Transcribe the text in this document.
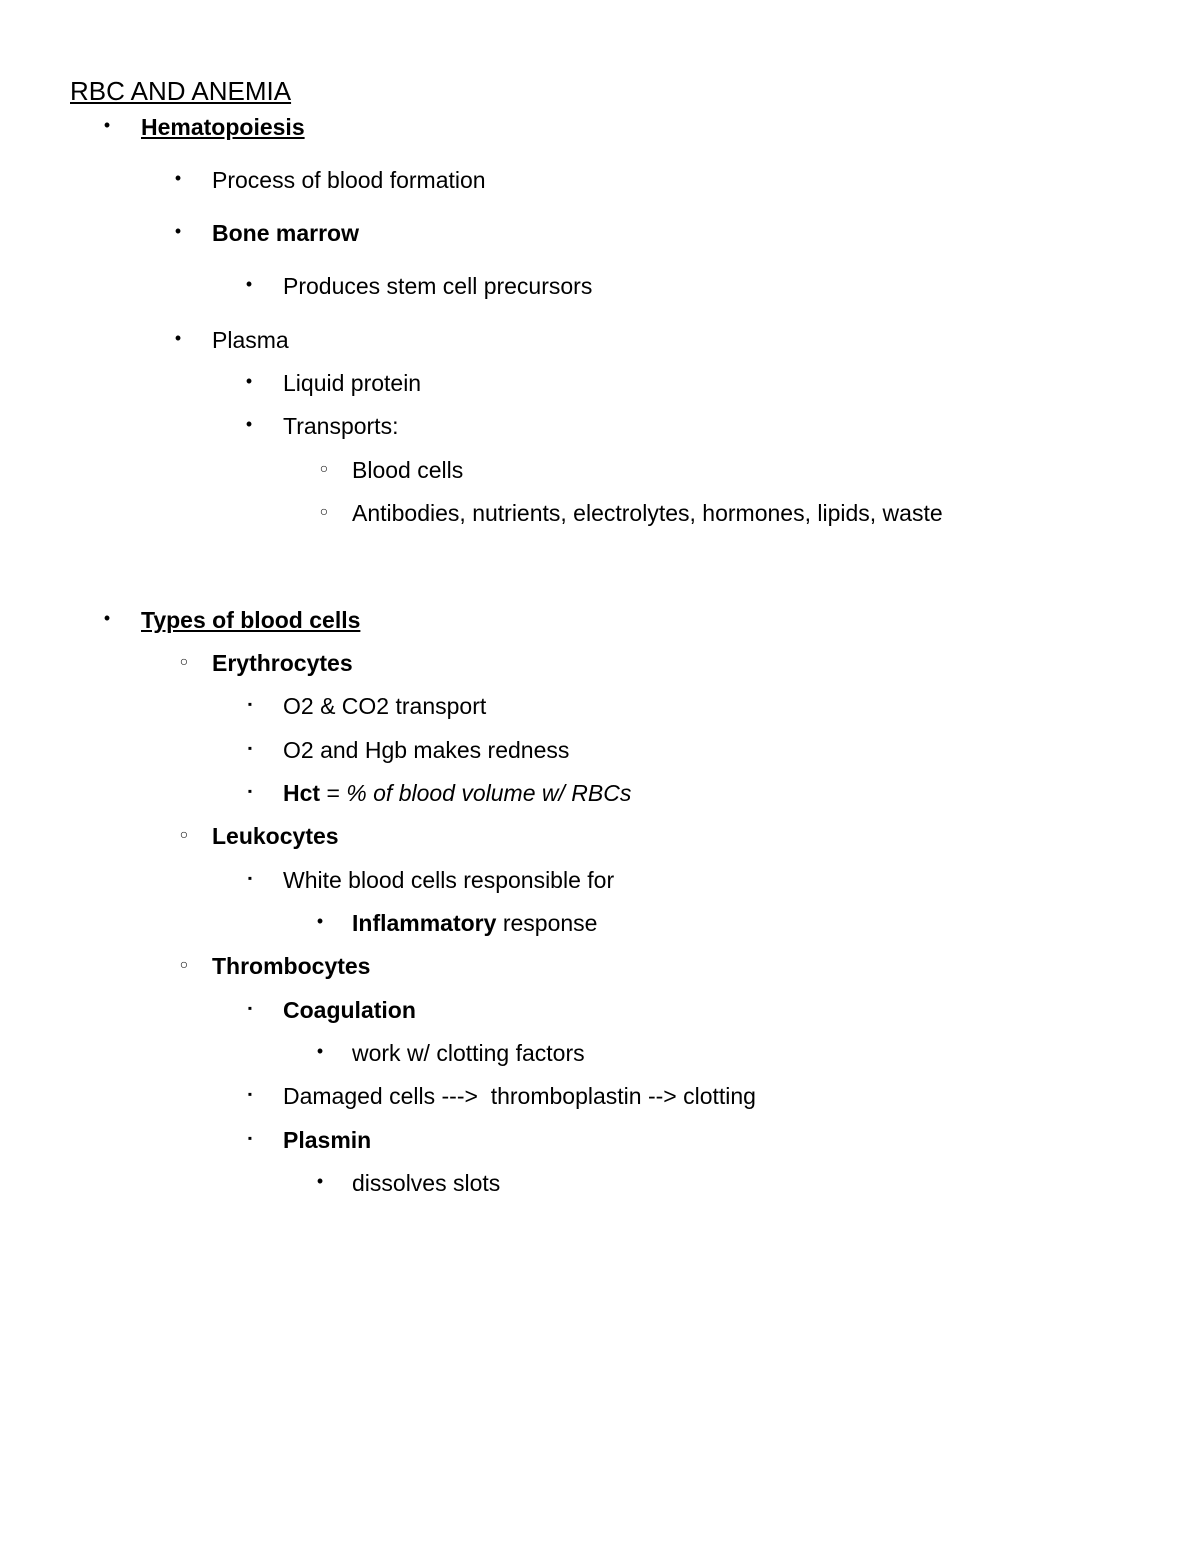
RBC AND ANEMIA
• Hematopoiesis
• Process of blood formation
• Bone marrow
• Produces stem cell precursors
• Plasma
• Liquid protein
• Transports:
○ Blood cells
○ Antibodies, nutrients, electrolytes, hormones, lipids, waste
• Types of blood cells
○ Erythrocytes
▪	O2 & CO2 transport
▪	O2 and Hgb makes redness
▪	Hct = % of blood volume w/ RBCs
○ Leukocytes
▪	White blood cells responsible for
• Inflammatory response
○ Thrombocytes
▪	Coagulation
• work w/ clotting factors
▪	Damaged cells --->  thromboplastin --> clotting
▪	Plasmin
• dissolves slots
